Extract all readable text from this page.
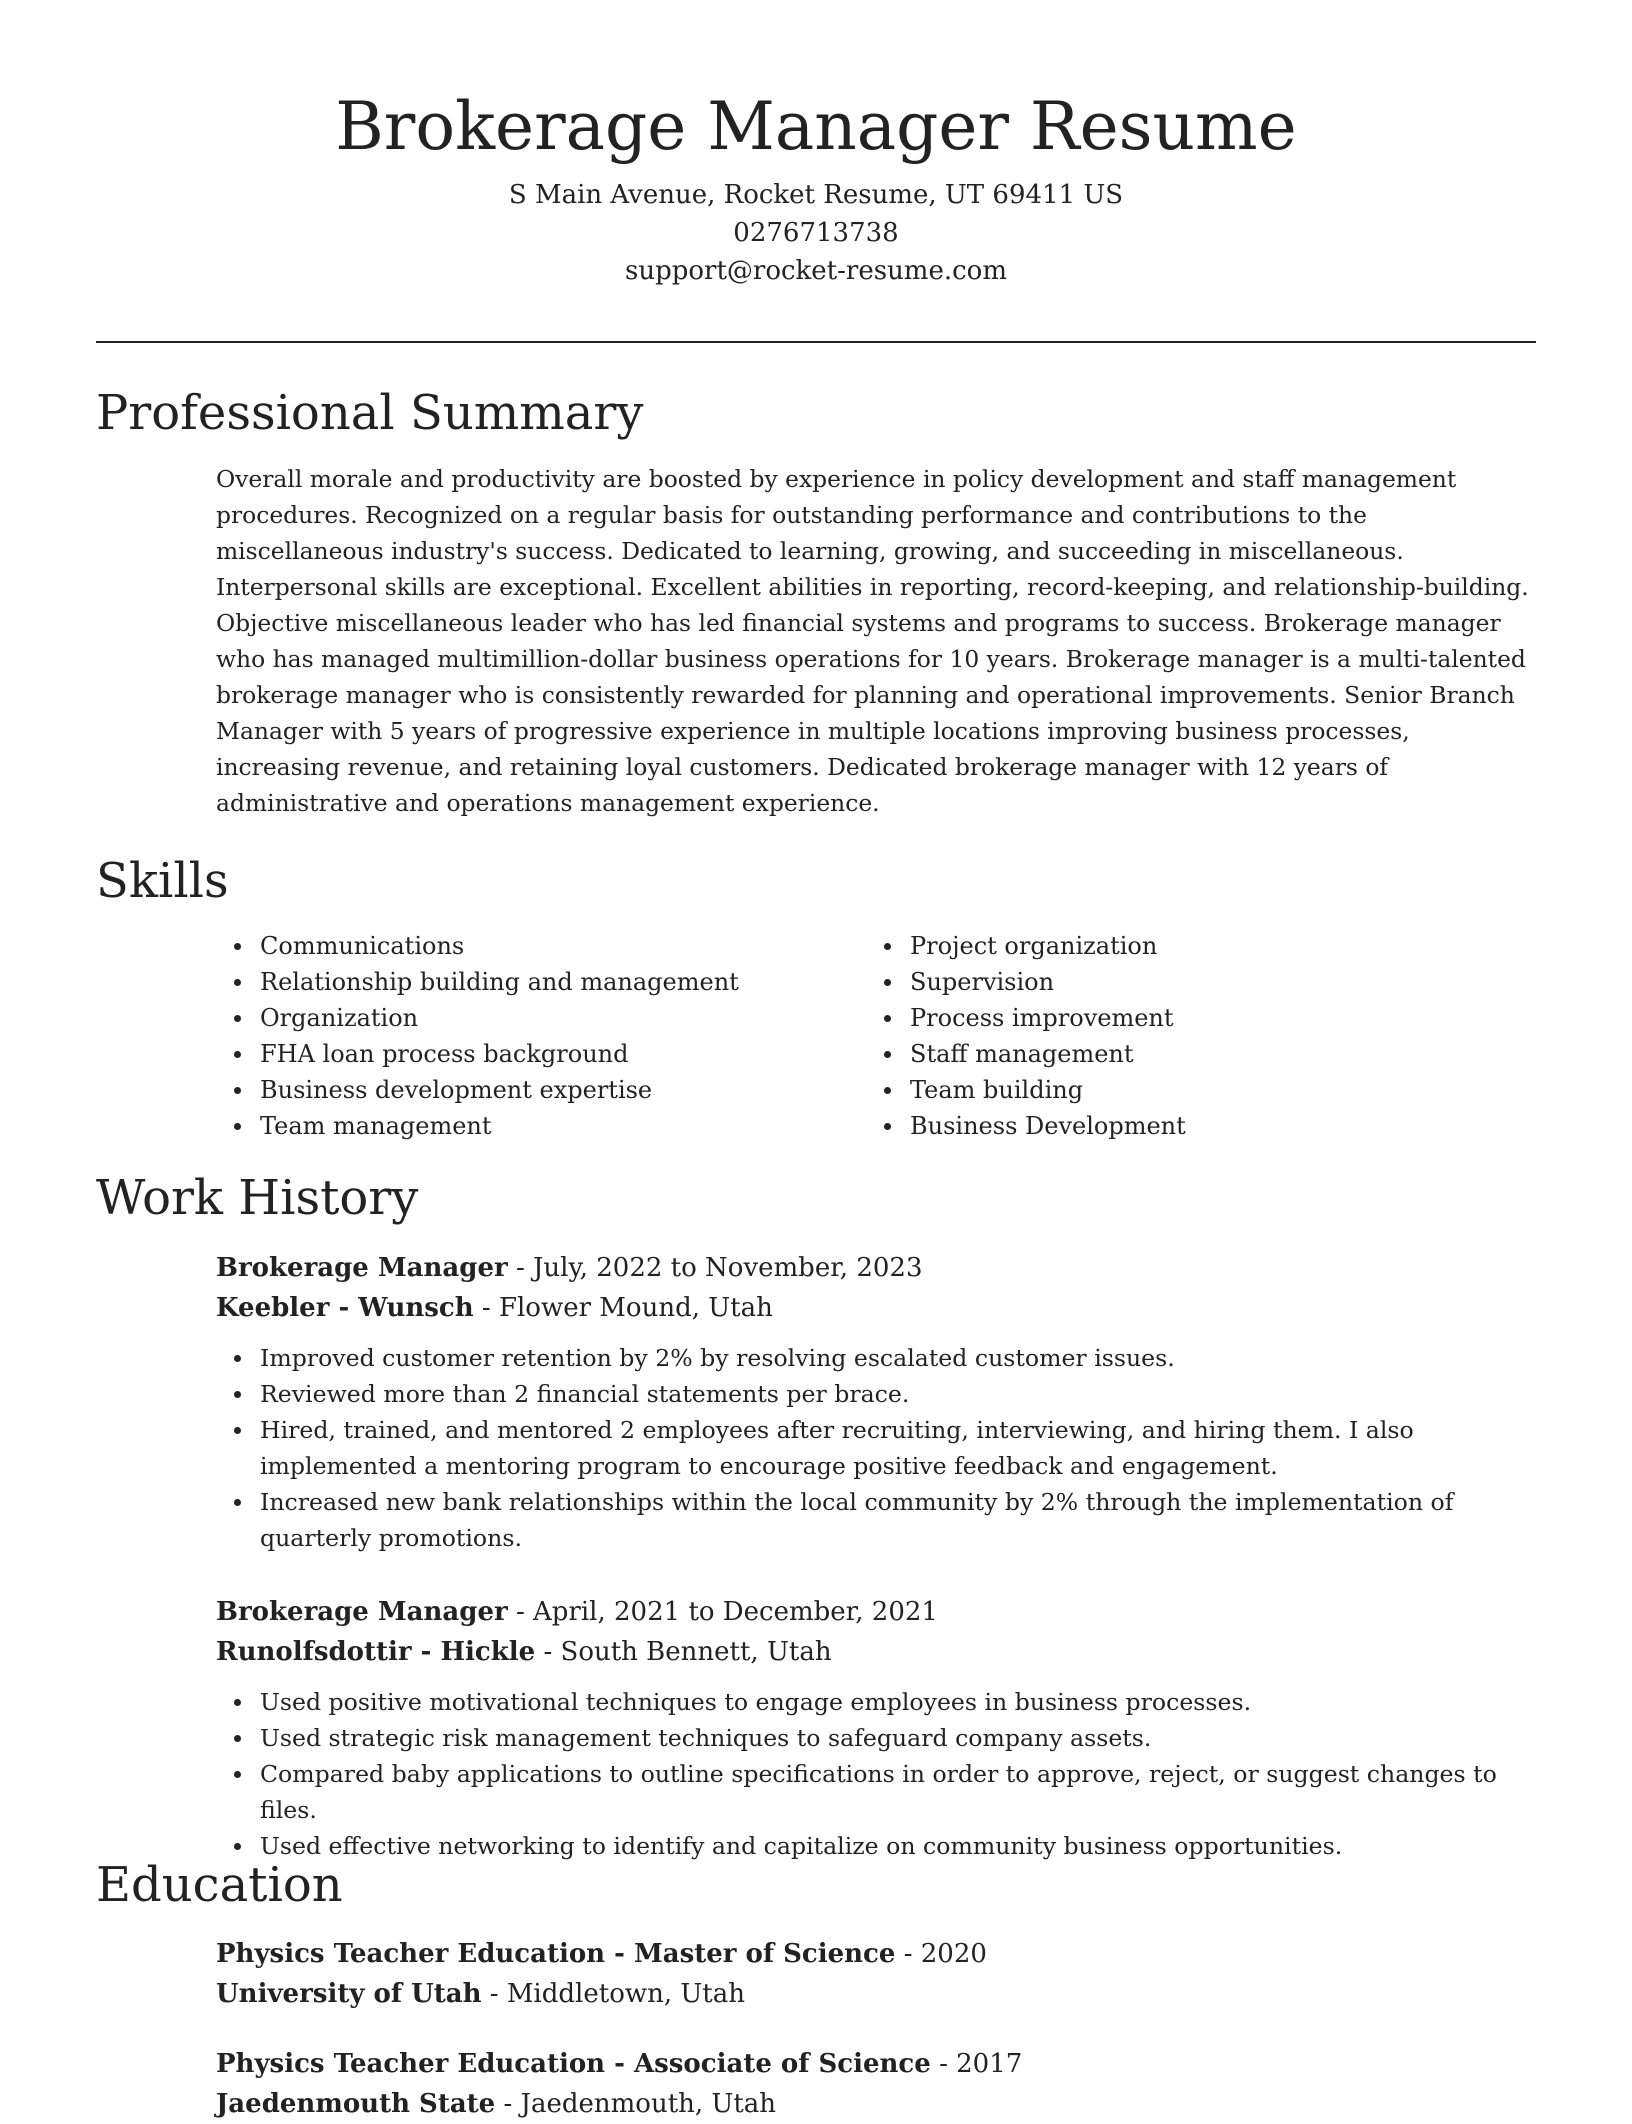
Brokerage Manager Resume

S Main Avenue, Rocket Resume, UT 69411 US

0276713738

support@rocket-resume.com

Professional Summary

Overall morale and productivity are boosted by experience in policy development and staff management procedures. Recognized on a regular basis for outstanding performance and contributions to the miscellaneous industry's success. Dedicated to learning, growing, and succeeding in miscellaneous. Interpersonal skills are exceptional. Excellent abilities in reporting, record-keeping, and relationship-building. Objective miscellaneous leader who has led financial systems and programs to success. Brokerage manager who has managed multimillion-dollar business operations for 10 years. Brokerage manager is a multi-talented brokerage manager who is consistently rewarded for planning and operational improvements. Senior Branch Manager with 5 years of progressive experience in multiple locations improving business processes, increasing revenue, and retaining loyal customers. Dedicated brokerage manager with 12 years of administrative and operations management experience.

Skills
Communications
Relationship building and management
Organization
FHA loan process background
Business development expertise
Team management
Project organization
Supervision
Process improvement
Staff management
Team building
Business Development
Work History

Brokerage Manager - July, 2022 to November, 2023

Keebler - Wunsch - Flower Mound, Utah

Improved customer retention by 2% by resolving escalated customer issues.
Reviewed more than 2 financial statements per brace.
Hired, trained, and mentored 2 employees after recruiting, interviewing, and hiring them. I also implemented a mentoring program to encourage positive feedback and engagement.
Increased new bank relationships within the local community by 2% through the implementation of quarterly promotions.

Brokerage Manager - April, 2021 to December, 2021

Runolfsdottir - Hickle - South Bennett, Utah

Used positive motivational techniques to engage employees in business processes.
Used strategic risk management techniques to safeguard company assets.
Compared baby applications to outline specifications in order to approve, reject, or suggest changes to files.
Used effective networking to identify and capitalize on community business opportunities.
Education

Physics Teacher Education - Master of Science - 2020

University of Utah - Middletown, Utah

Physics Teacher Education - Associate of Science - 2017

Jaedenmouth State - Jaedenmouth, Utah
